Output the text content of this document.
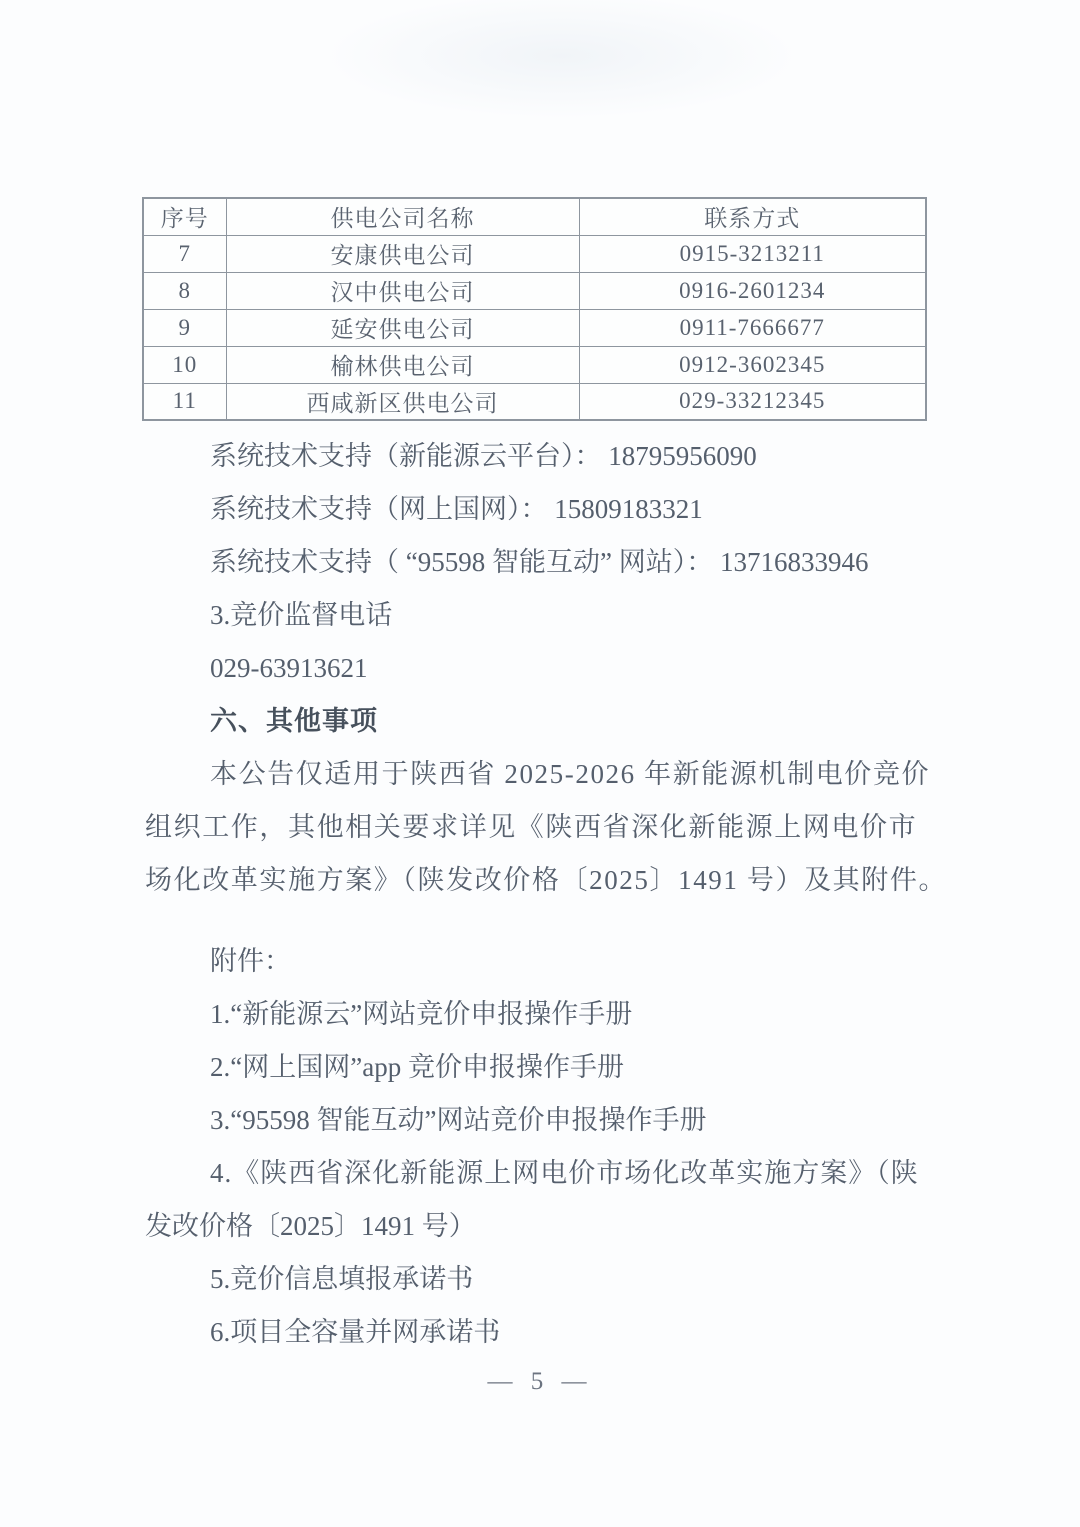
序号	供电公司名称	联系方式
7	安康供电公司	0915-3213211
8	汉中供电公司	0916-2601234
9	延安供电公司	0911-7666677
10	榆林供电公司	0912-3602345
11	西咸新区供电公司	029-33212345
系统技术支持（新能源云平台）： 18795956090
系统技术支持（网上国网）： 15809183321
系统技术支持（ “95598 智能互动” 网站）： 13716833946
3.竞价监督电话
029-63913621
六、其他事项
本公告仅适用于陕西省 2025-2026 年新能源机制电价竞价
组织工作，其他相关要求详见《陕西省深化新能源上网电价市
场化改革实施方案》（陕发改价格〔2025〕1491 号）及其附件。
附件：
1.“新能源云”网站竞价申报操作手册
2.“网上国网”app 竞价申报操作手册
3.“95598 智能互动”网站竞价申报操作手册
4.《陕西省深化新能源上网电价市场化改革实施方案》（陕
发改价格〔2025〕1491 号）
5.竞价信息填报承诺书
6.项目全容量并网承诺书
— 5 —
